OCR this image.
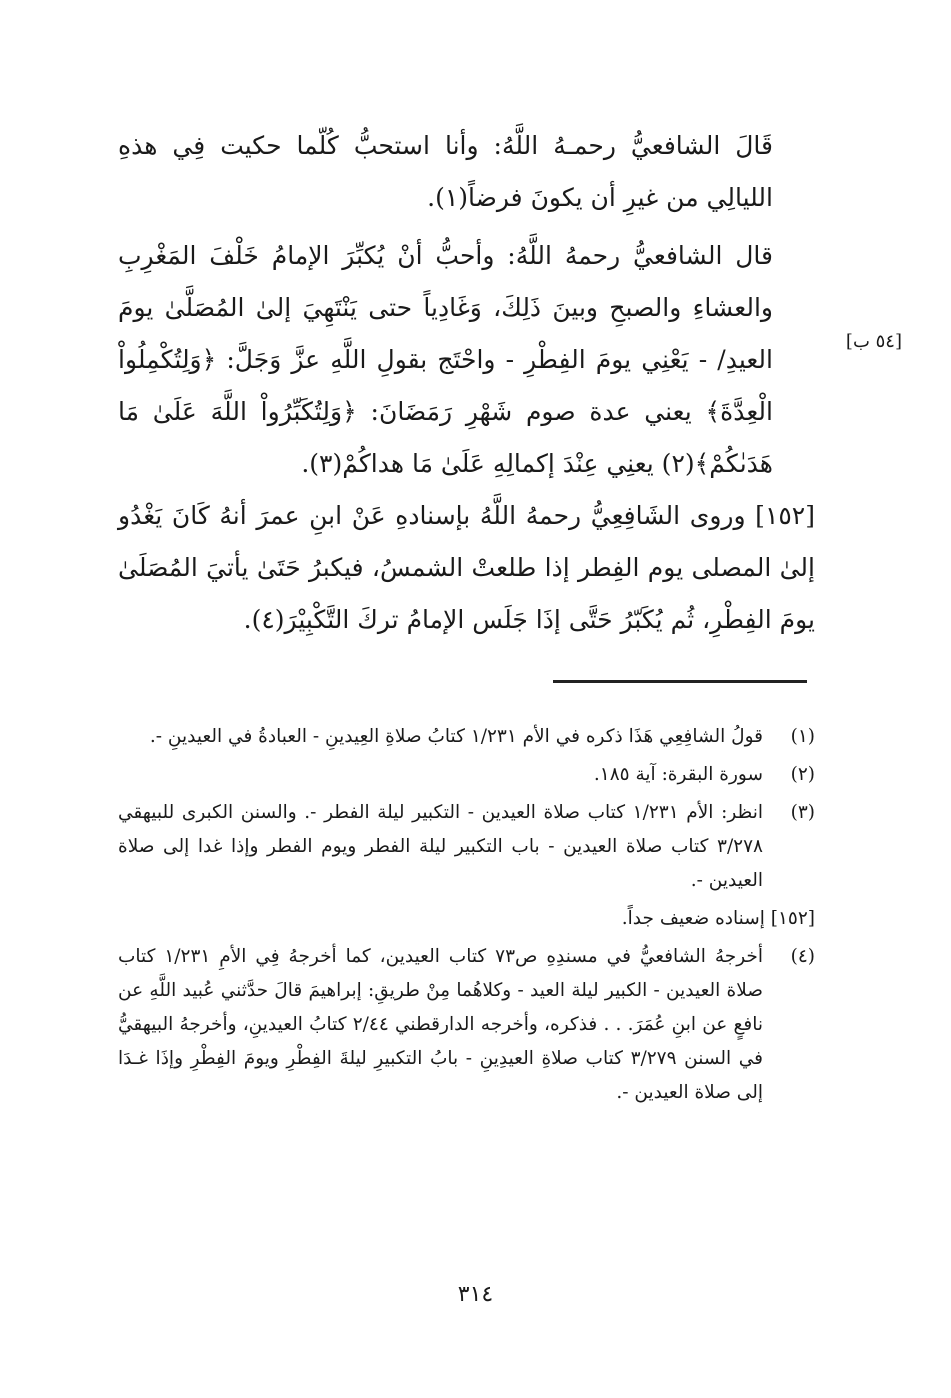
قَالَ الشافعيُّ رحمـهُ اللَّهُ: وأنا استحبُّ كُلّما حكيت فِي هذهِ الليالِي من غيرِ أن يكونَ فرضاً(١).

قال الشافعيُّ رحمهُ اللَّهُ: وأحبُّ أنْ يُكبِّرَ الإمامُ خَلْفَ المَغْرِبِ والعشاءِ والصبحِ وبينَ ذَلِكَ، وَغَادِياً حتى يَنْتَهِيَ إلىٰ المُصَلَّىٰ يومَ العيدِ/ - يَعْنِي يومَ الفِطْرِ - واحْتَج بقولِ اللَّهِ عزَّ وَجَلَّ: ﴿وَلِتُكْمِلُواْ الْعِدَّةَ﴾ يعني عدة صوم شَهْرِ رَمَضَانَ: ﴿وَلِتُكَبِّرُواْ اللَّهَ عَلَىٰ مَا هَدَىٰكُمْ﴾(٢) يعنِي عِنْدَ إكمالِهِ عَلَىٰ مَا هداكُمْ(٣).

[٥٤ ب]

[١٥٢] وروى الشَافِعِيُّ رحمهُ اللَّهُ بإسنادهِ عَنْ ابنِ عمرَ أنهُ كَانَ يَغْدُو إلىٰ المصلى يوم الفِطر إذا طلعتْ الشمسُ، فيكبرُ حَتَىٰ يأتيَ المُصَلَىٰ يومَ الفِطْرِ، ثُم يُكَبّرُ حَتَّى إذَا جَلَس الإمامُ تركَ التَّكْبِيْرَ(٤).

(١)
قولُ الشافِعِي هَذَا ذكره في الأم ١/٢٣١ كتابُ صلاةِ العِيدينِ - العبادةُ في العيدينِ -.
(٢)
سورة البقرة: آية ١٨٥.
(٣)
انظر: الأم ١/٢٣١ كتاب صلاة العيدين - التكبير ليلة الفطر -. والسنن الكبرى للبيهقي ٣/٢٧٨ كتاب صلاة العيدين - باب التكبير ليلة الفطر ويوم الفطر وإذا غدا إلى صلاة العيدين -.
[١٥٢] إسناده ضعيف جداً.
(٤)
أخرجهُ الشافعيُّ في مسندِهِ ص٧٣ كتاب العيدين، كما أخرجهُ فِي الأمِ ١/٢٣١ كتاب صلاة العيدين - الكبير ليلة العيد - وكلاهُما مِنْ طريقِ: إبراهيمَ قالَ حدَّثني عُبيد اللَّهِ عن نافعٍ عن ابنِ عُمَرَ. . . فذكره، وأخرجه الدارقطني ٢/٤٤ كتابُ العيدينِ، وأخرجهُ البيهقيُّ في السنن ٣/٢٧٩ كتاب صلاةِ العيدِينِ - بابُ التكبيرِ ليلةَ الفِطْرِ ويومَ الفِطْرِ وإذَا غـدَا إلى صلاة العيدين -.
٣١٤
